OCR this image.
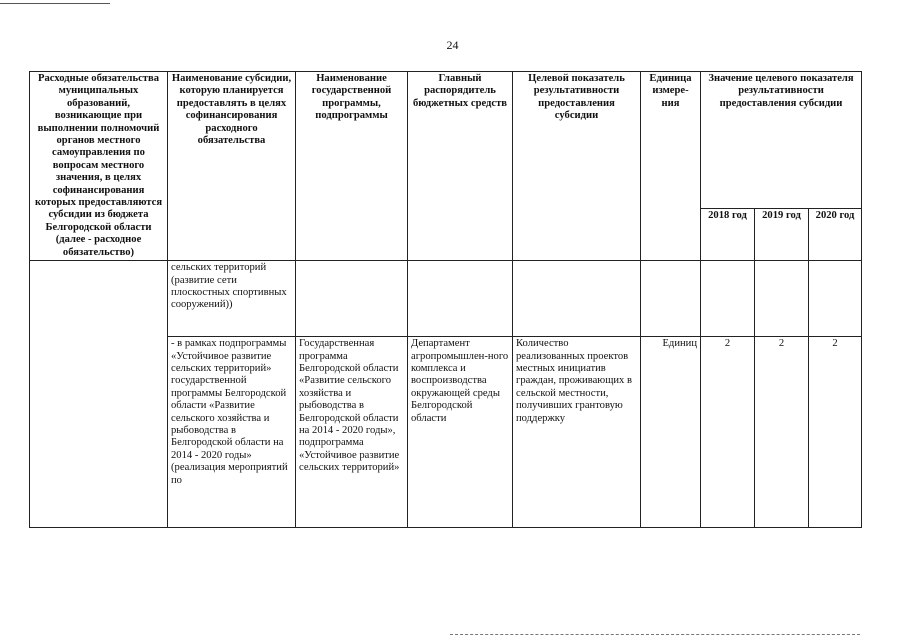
24
Расходные обязательства муниципальных образований, возникающие при выполнении полномочий органов местного самоуправления по вопросам местного значения, в целях софинансирования которых предоставляются субсидии из бюджета Белгородской области (далее - расходное обязательство)	Наименование субсидии, которую планируется предоставлять в целях софинансирования расходного обязательства	Наименование государственной программы, подпрограммы	Главный распорядитель бюджетных средств	Целевой показатель результативности предоставления субсидии	Единица измере-ния	Значение целевого показателя результативности предоставления субсидии		
						2018 год	2019 год	2020 год
	сельских территорий (развитие сети плоскостных спортивных сооружений))							
	- в рамках подпрограммы «Устойчивое развитие сельских территорий» государственной программы Белгородской области «Развитие сельского хозяйства и рыбоводства в Белгородской области на 2014 - 2020 годы» (реализация мероприятий по	Государственная программа Белгородской области «Развитие сельского хозяйства и рыбоводства в Белгородской области на 2014 - 2020 годы», подпрограмма «Устойчивое развитие сельских территорий»	Департамент агропромышлен-ного комплекса и воспроизводства окружающей среды Белгородской области	Количество реализованных проектов местных инициатив граждан, проживающих в сельской местности, получивших грантовую поддержку	Единиц	2	2	2
